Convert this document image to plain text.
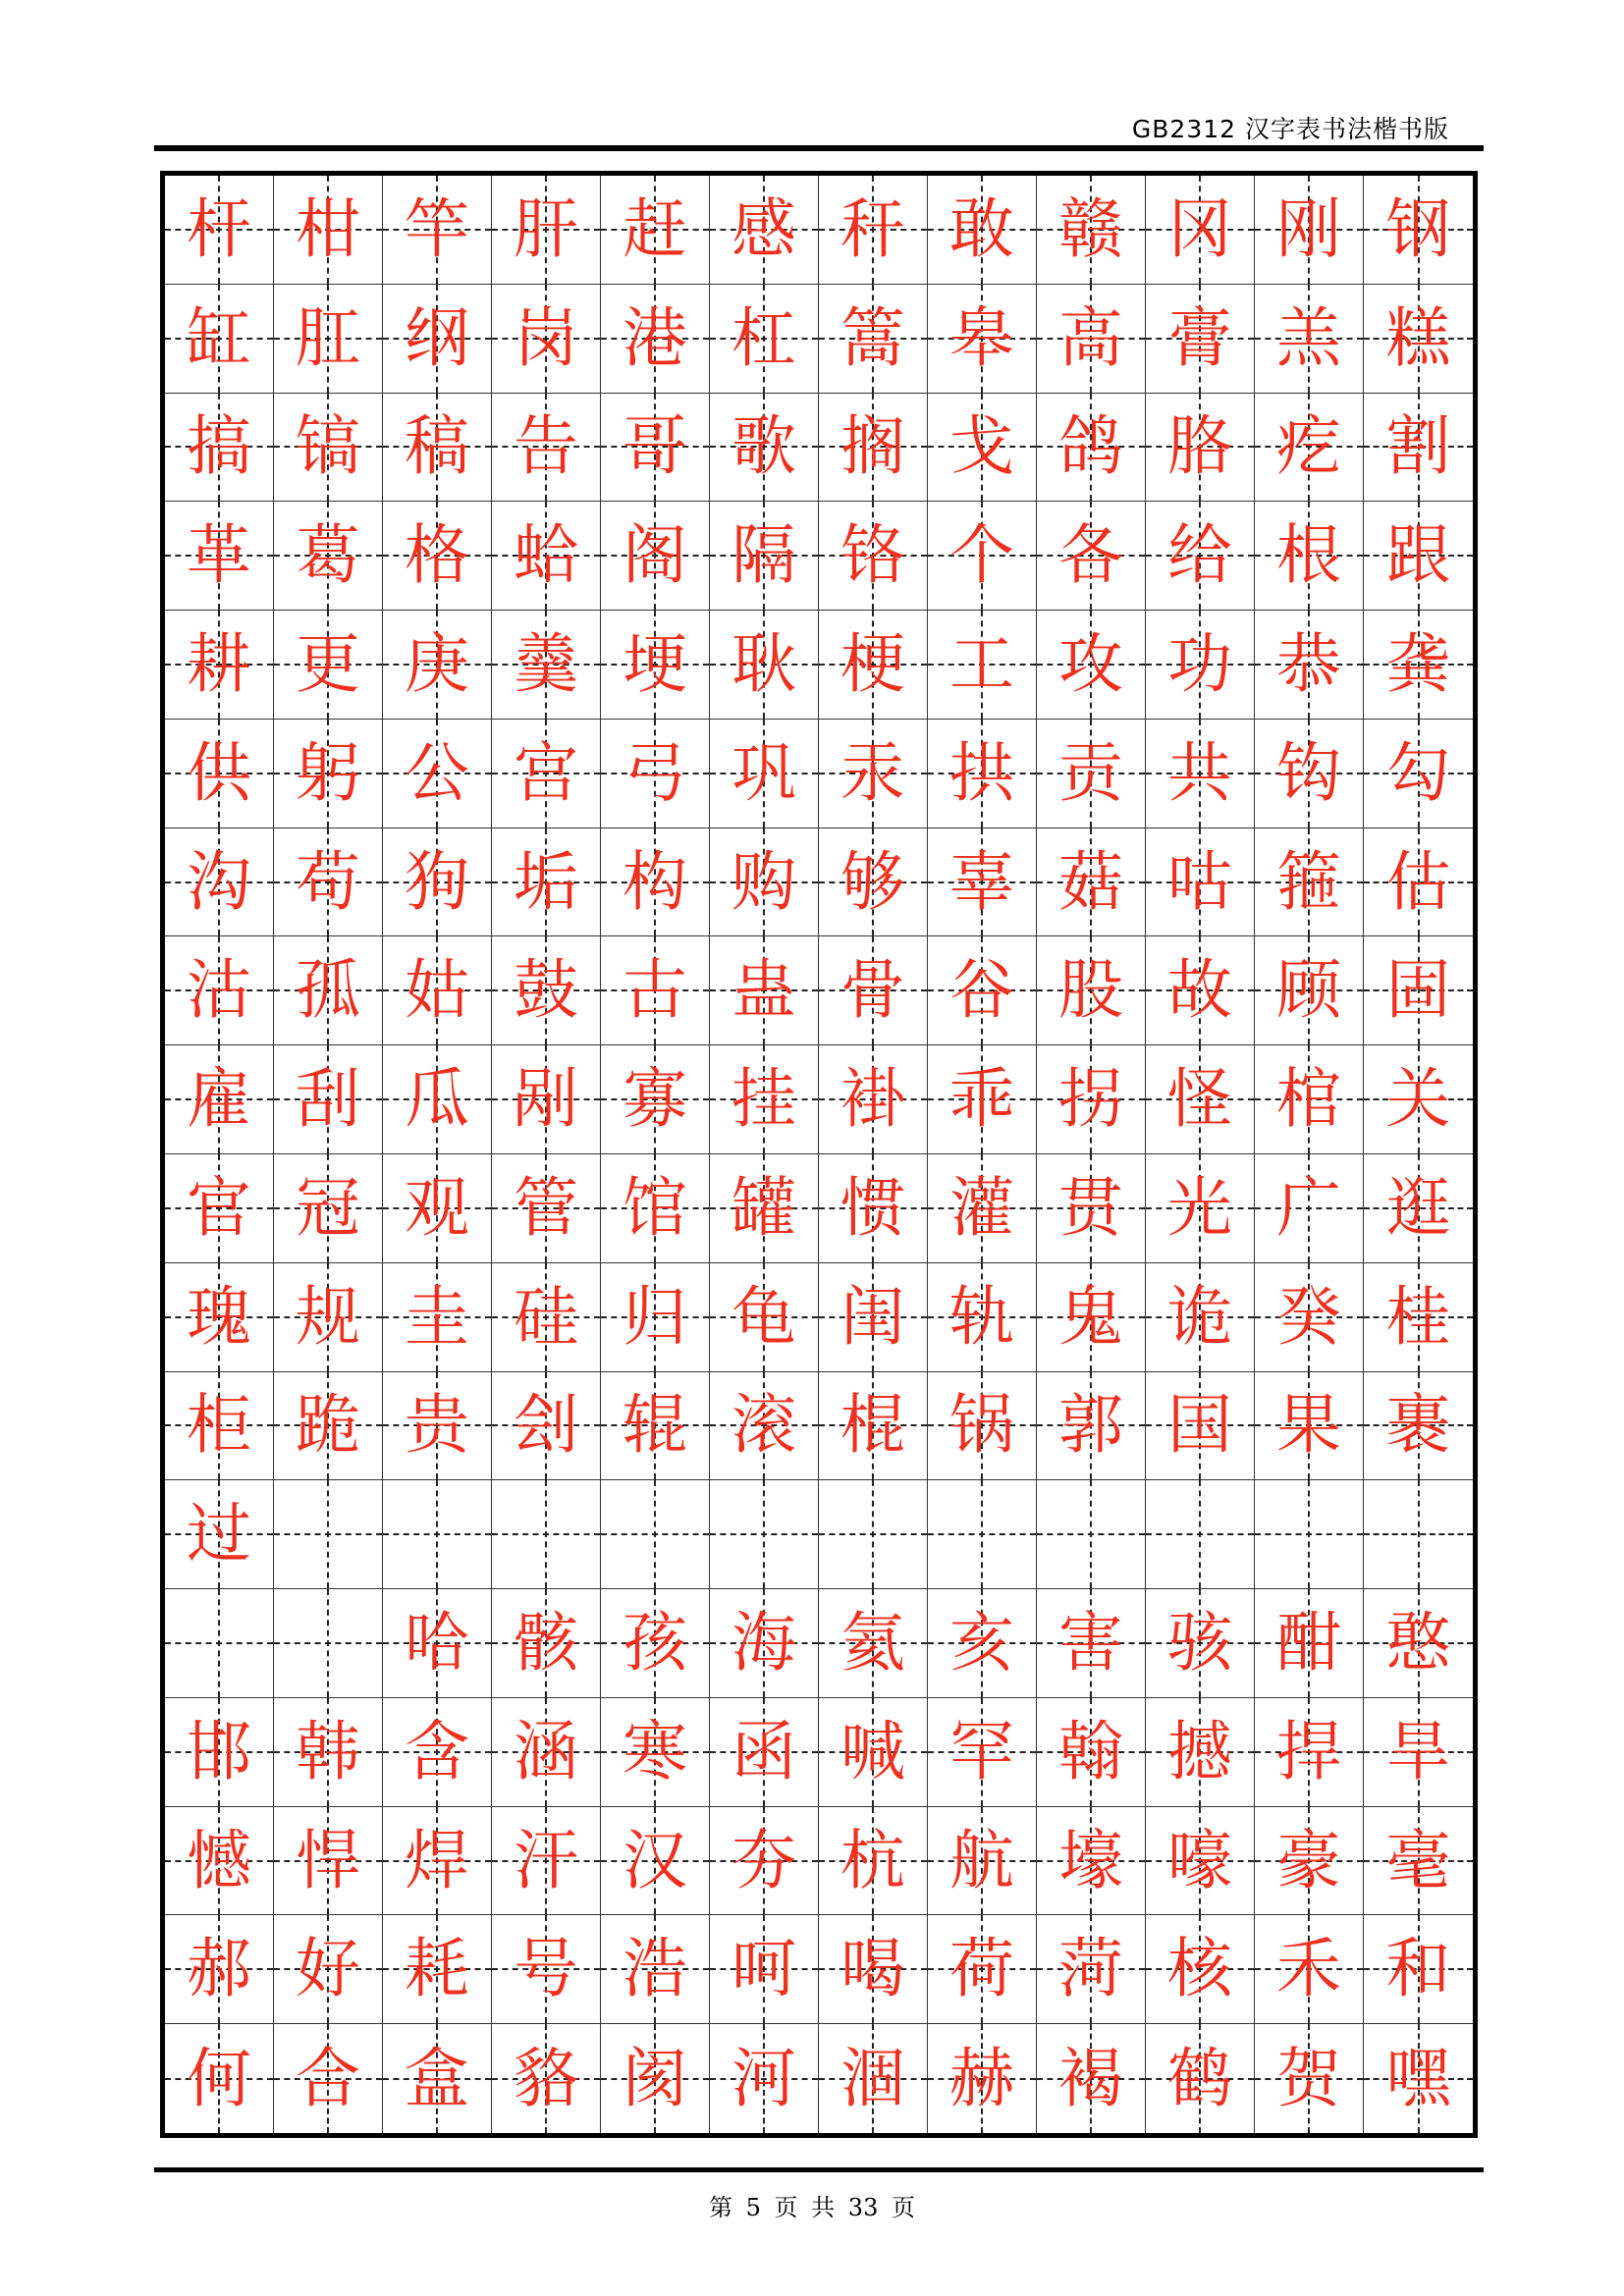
GB2312 汉字表书法楷书版
杆 柑 竿 肝 赶 感 秆 敢 赣 冈 刚 钢
缸 肛 纲 岗 港 杠 篙 皋 高 膏 羔 糕
搞 镐 稿 告 哥 歌 搁 戈 鸽 胳 疙 割
革 葛 格 蛤 阁 隔 铬 个 各 给 根 跟
耕 更 庚 羹 埂 耿 梗 工 攻 功 恭 龚
供 躬 公 宫 弓 巩 汞 拱 贡 共 钩 勾
沟 苟 狗 垢 构 购 够 辜 菇 咕 箍 估
沽 孤 姑 鼓 古 蛊 骨 谷 股 故 顾 固
雇 刮 瓜 剐 寡 挂 褂 乖 拐 怪 棺 关
官 冠 观 管 馆 罐 惯 灌 贯 光 广 逛
瑰 规 圭 硅 归 龟 闺 轨 鬼 诡 癸 桂
柜 跪 贵 刽 辊 滚 棍 锅 郭 国 果 裹
过
哈 骸 孩 海 氦 亥 害 骇 酣 憨
邯 韩 含 涵 寒 函 喊 罕 翰 撼 捍 旱
憾 悍 焊 汗 汉 夯 杭 航 壕 嚎 豪 毫
郝 好 耗 号 浩 呵 喝 荷 菏 核 禾 和
何 合 盒 貉 阂 河 涸 赫 褐 鹤 贺 嘿
第 5 页 共 33 页
